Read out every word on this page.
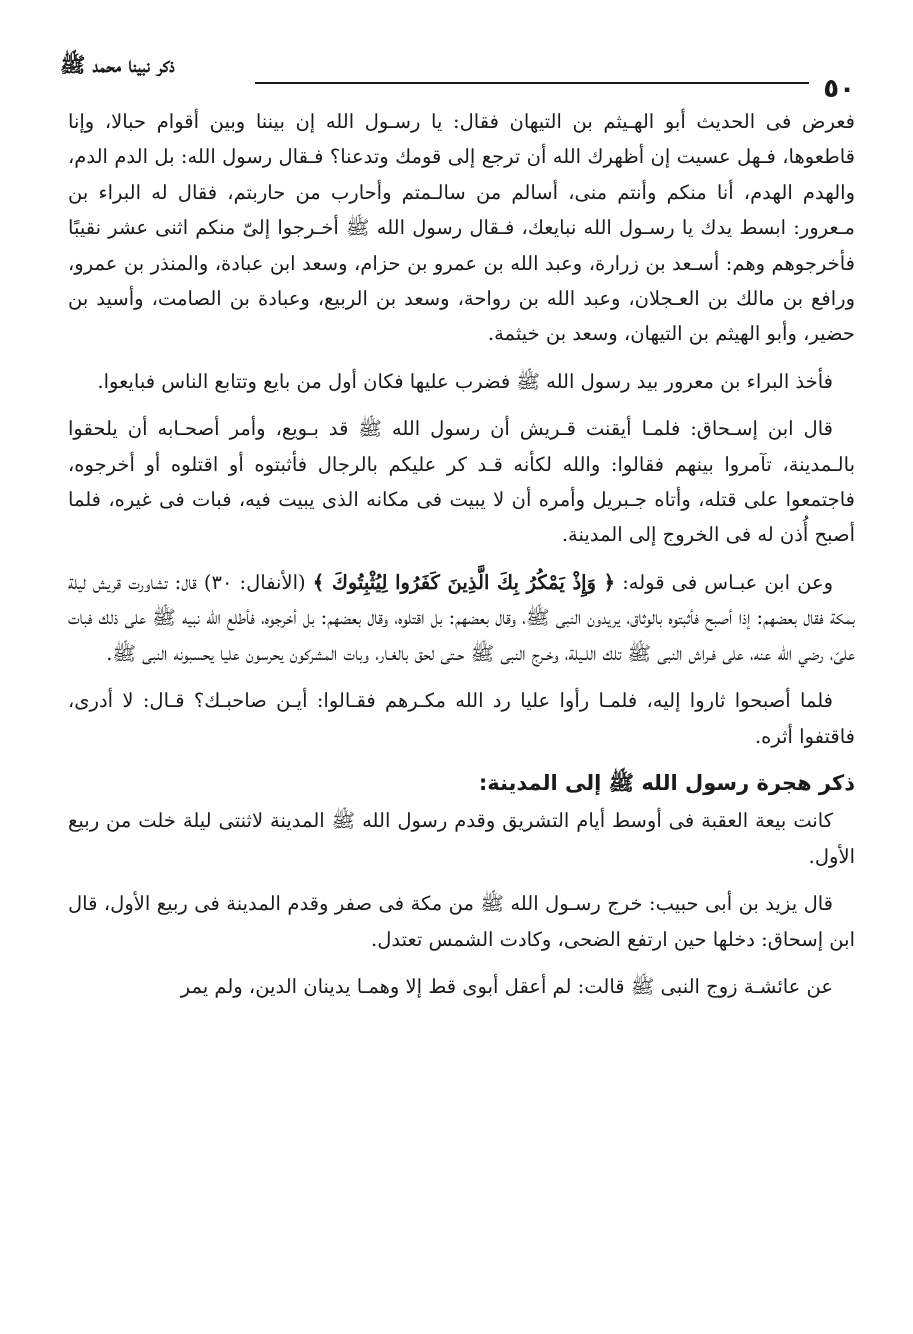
٥٠
ذكر نبينا محمد ﷺ

فعرض فى الحديث أبو الهـيثم بن التيهان فقال: يا رسـول الله إن بيننا وبين أقوام حبالا، وإنا قاطعوها، فـهل عسيت إن أظهرك الله أن ترجع إلى قومك وتدعنا؟ فـقال رسول الله: بل الدم الدم، والهدم الهدم، أنا منكم وأنتم منى، أسالم من سالـمتم وأحارب من حاربتم، فقال له البراء بن مـعرور: ابسط يدك يا رسـول الله نبايعك، فـقال رسول الله ﷺ أخـرجوا إلىّ منكم اثنى عشر نقيبًا فأخرجوهم وهم: أسـعد بن زرارة، وعبد الله بن عمرو بن حزام، وسعد ابن عبادة، والمنذر بن عمرو، ورافع بن مالك بن العـجلان، وعبد الله بن رواحة، وسعد بن الربيع، وعبادة بن الصامت، وأسيد بن حضير، وأبو الهيثم بن التيهان، وسعد بن خيثمة.

فأخذ البراء بن معرور بيد رسول الله ﷺ فضرب عليها فكان أول من بايع وتتابع الناس فبايعوا.

قال ابن إسـحاق: فلمـا أيقنت قـريش أن رسول الله ﷺ قد بـويع، وأمر أصحـابه أن يلحقوا بالـمدينة، تآمروا بينهم فقالوا: والله لكأنه قـد كر عليكم بالرجال فأثبتوه أو اقتلوه أو أخرجوه، فاجتمعوا على قتله، وأتاه جـبريل وأمره أن لا يبيت فى مكانه الذى يبيت فيه، فبات فى غيره، فلما أصبح أُذن له فى الخروج إلى المدينة.

وعن ابن عبـاس فى قوله: ﴿ وَإِذْ يَمْكُرُ بِكَ الَّذِينَ كَفَرُوا لِيُثْبِتُوكَ ﴾ (الأنفال: ٣٠) قال: تشاورت قريش ليلة بمكة فقال بعضهم: إذا أصبح فأثبتوه بالوثاق، يريدون النبى ﷺ، وقال بعضهم: بل اقتلوه، وقال بعضهم: بل أخرجوه، فأطلع الله نبيه ﷺ على ذلك فبات علىّ، رضي الله عنه، على فـراش النبى ﷺ تلك اللـيلة، وخـرج النبى ﷺ حـتى لحق بالغـار، وبات المشركون يحرسون عليا يحسبونه النبى ﷺ.

فلما أصبحوا ثاروا إليه، فلمـا رأوا عليا رد الله مكـرهم فقـالوا: أيـن صاحبـك؟ قـال: لا أدرى، فاقتفوا أثره.

ذكر هجرة رسول الله ﷺ إلى المدينة:

كانت بيعة العقبة فى أوسط أيام التشريق وقدم رسول الله ﷺ المدينة لاثنتى ليلة خلت من ربيع الأول.

قال يزيد بن أبى حبيب: خرج رسـول الله ﷺ من مكة فى صفر وقدم المدينة فى ربيع الأول، قال ابن إسحاق: دخلها حين ارتفع الضحى، وكادت الشمس تعتدل.

عن عائشـة زوج النبى ﷺ قالت: لم أعقل أبوى قط إلا وهمـا يدينان الدين، ولم يمر
